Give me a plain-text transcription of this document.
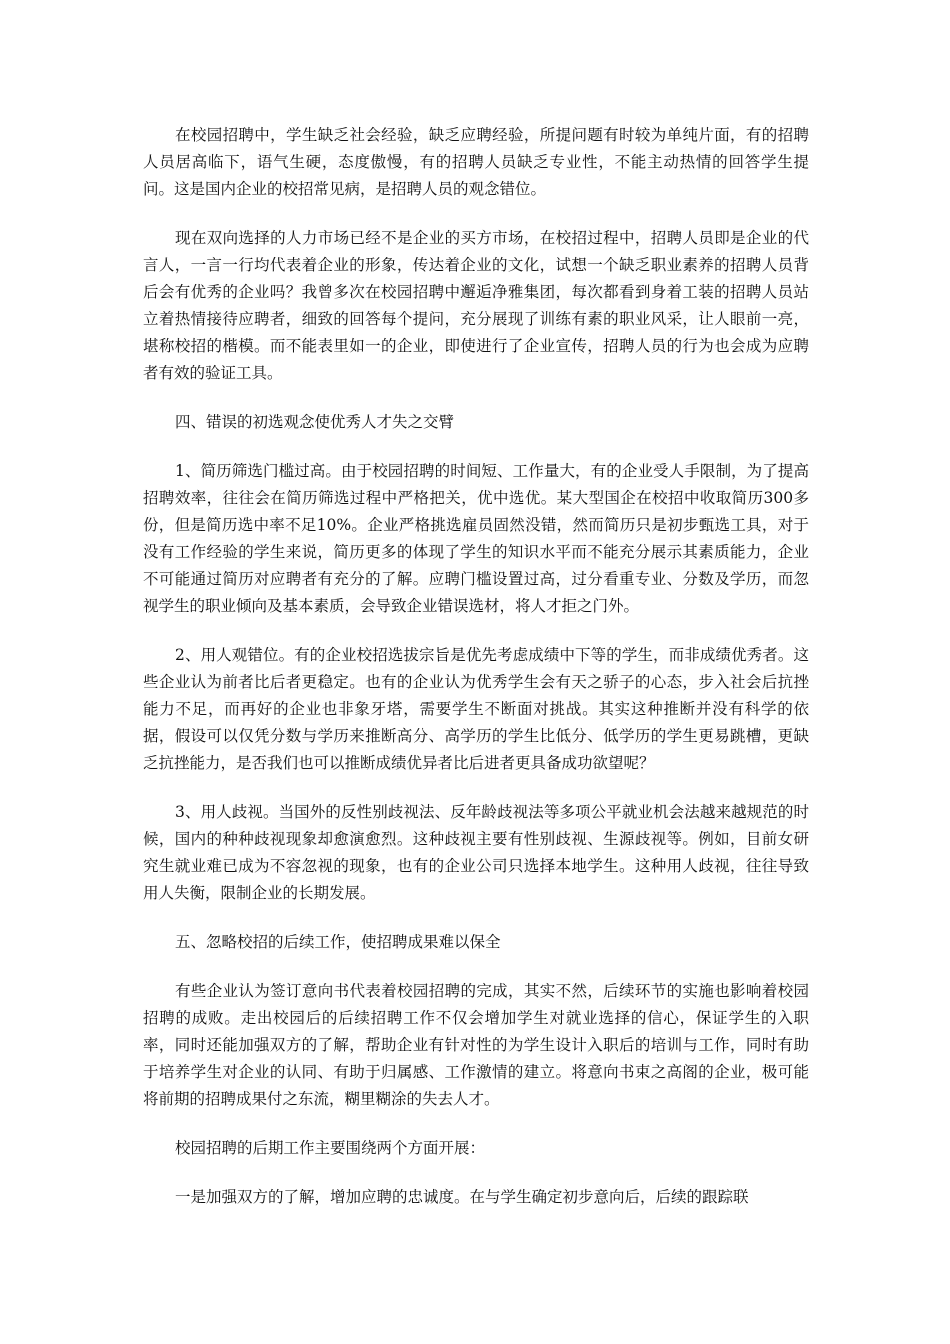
在校园招聘中，学生缺乏社会经验，缺乏应聘经验，所提问题有时较为单纯片面，有的招聘人员居高临下，语气生硬，态度傲慢，有的招聘人员缺乏专业性，不能主动热情的回答学生提问。这是国内企业的校招常见病，是招聘人员的观念错位。

现在双向选择的人力市场已经不是企业的买方市场，在校招过程中，招聘人员即是企业的代言人，一言一行均代表着企业的形象，传达着企业的文化，试想一个缺乏职业素养的招聘人员背后会有优秀的企业吗？我曾多次在校园招聘中邂逅净雅集团，每次都看到身着工装的招聘人员站立着热情接待应聘者，细致的回答每个提问，充分展现了训练有素的职业风采，让人眼前一亮，堪称校招的楷模。而不能表里如一的企业，即使进行了企业宣传，招聘人员的行为也会成为应聘者有效的验证工具。

四、错误的初选观念使优秀人才失之交臂

1、简历筛选门槛过高。由于校园招聘的时间短、工作量大，有的企业受人手限制，为了提高招聘效率，往往会在简历筛选过程中严格把关，优中选优。某大型国企在校招中收取简历300多份，但是简历选中率不足10%。企业严格挑选雇员固然没错，然而简历只是初步甄选工具，对于没有工作经验的学生来说，简历更多的体现了学生的知识水平而不能充分展示其素质能力，企业不可能通过简历对应聘者有充分的了解。应聘门槛设置过高，过分看重专业、分数及学历，而忽视学生的职业倾向及基本素质，会导致企业错误选材，将人才拒之门外。

2、用人观错位。有的企业校招选拔宗旨是优先考虑成绩中下等的学生，而非成绩优秀者。这些企业认为前者比后者更稳定。也有的企业认为优秀学生会有天之骄子的心态，步入社会后抗挫能力不足，而再好的企业也非象牙塔，需要学生不断面对挑战。其实这种推断并没有科学的依据，假设可以仅凭分数与学历来推断高分、高学历的学生比低分、低学历的学生更易跳槽，更缺乏抗挫能力，是否我们也可以推断成绩优异者比后进者更具备成功欲望呢？

3、用人歧视。当国外的反性别歧视法、反年龄歧视法等多项公平就业机会法越来越规范的时候，国内的种种歧视现象却愈演愈烈。这种歧视主要有性别歧视、生源歧视等。例如，目前女研究生就业难已成为不容忽视的现象，也有的企业公司只选择本地学生。这种用人歧视，往往导致用人失衡，限制企业的长期发展。

五、忽略校招的后续工作，使招聘成果难以保全

有些企业认为签订意向书代表着校园招聘的完成，其实不然，后续环节的实施也影响着校园招聘的成败。走出校园后的后续招聘工作不仅会增加学生对就业选择的信心，保证学生的入职率，同时还能加强双方的了解，帮助企业有针对性的为学生设计入职后的培训与工作，同时有助于培养学生对企业的认同、有助于归属感、工作激情的建立。将意向书束之高阁的企业，极可能将前期的招聘成果付之东流，糊里糊涂的失去人才。

校园招聘的后期工作主要围绕两个方面开展：

一是加强双方的了解，增加应聘的忠诚度。在与学生确定初步意向后，后续的跟踪联
